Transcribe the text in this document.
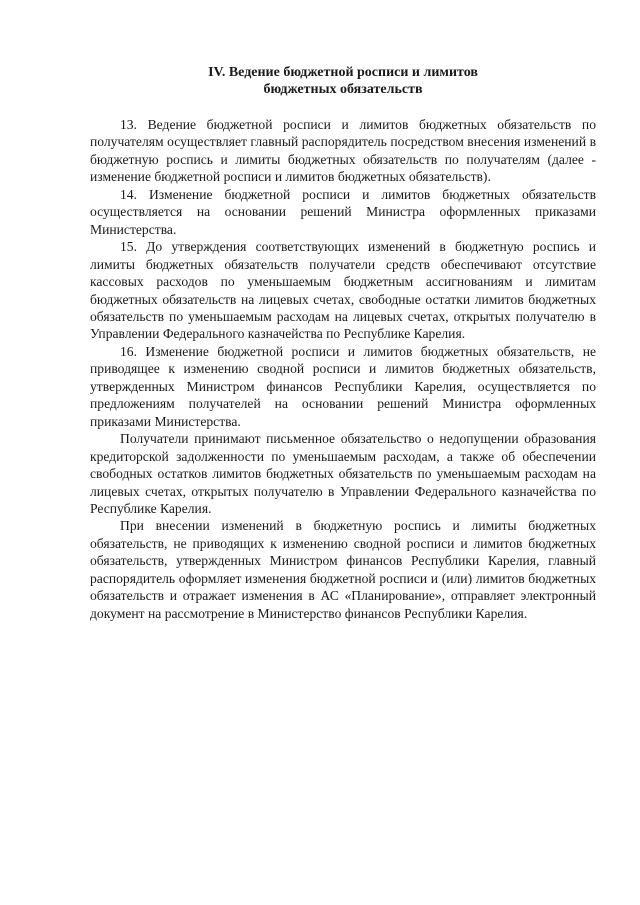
IV. Ведение бюджетной росписи и лимитов
бюджетных обязательств

13. Ведение бюджетной росписи и лимитов бюджетных обязательств по получателям осуществляет главный распорядитель посредством внесения изменений в бюджетную роспись и лимиты бюджетных обязательств по получателям (далее - изменение бюджетной росписи и лимитов бюджетных обязательств).

14. Изменение бюджетной росписи и лимитов бюджетных обязательств осуществляется на основании решений Министра оформленных приказами Министерства.

15. До утверждения соответствующих изменений в бюджетную роспись и лимиты бюджетных обязательств получатели средств обеспечивают отсутствие кассовых расходов по уменьшаемым бюджетным ассигнованиям и лимитам бюджетных обязательств на лицевых счетах, свободные остатки лимитов бюджетных обязательств по уменьшаемым расходам на лицевых счетах, открытых получателю в Управлении Федерального казначейства по Республике Карелия.

16. Изменение бюджетной росписи и лимитов бюджетных обязательств, не приводящее к изменению сводной росписи и лимитов бюджетных обязательств, утвержденных Министром финансов Республики Карелия, осуществляется по предложениям получателей на основании решений Министра оформленных приказами Министерства.

Получатели принимают письменное обязательство о недопущении образования кредиторской задолженности по уменьшаемым расходам, а также об обеспечении свободных остатков лимитов бюджетных обязательств по уменьшаемым расходам на лицевых счетах, открытых получателю в Управлении Федерального казначейства по Республике Карелия.

При внесении изменений в бюджетную роспись и лимиты бюджетных обязательств, не приводящих к изменению сводной росписи и лимитов бюджетных обязательств, утвержденных Министром финансов Республики Карелия, главный распорядитель оформляет изменения бюджетной росписи и (или) лимитов бюджетных обязательств и отражает изменения в АС «Планирование», отправляет электронный документ на рассмотрение в Министерство финансов Республики Карелия.
